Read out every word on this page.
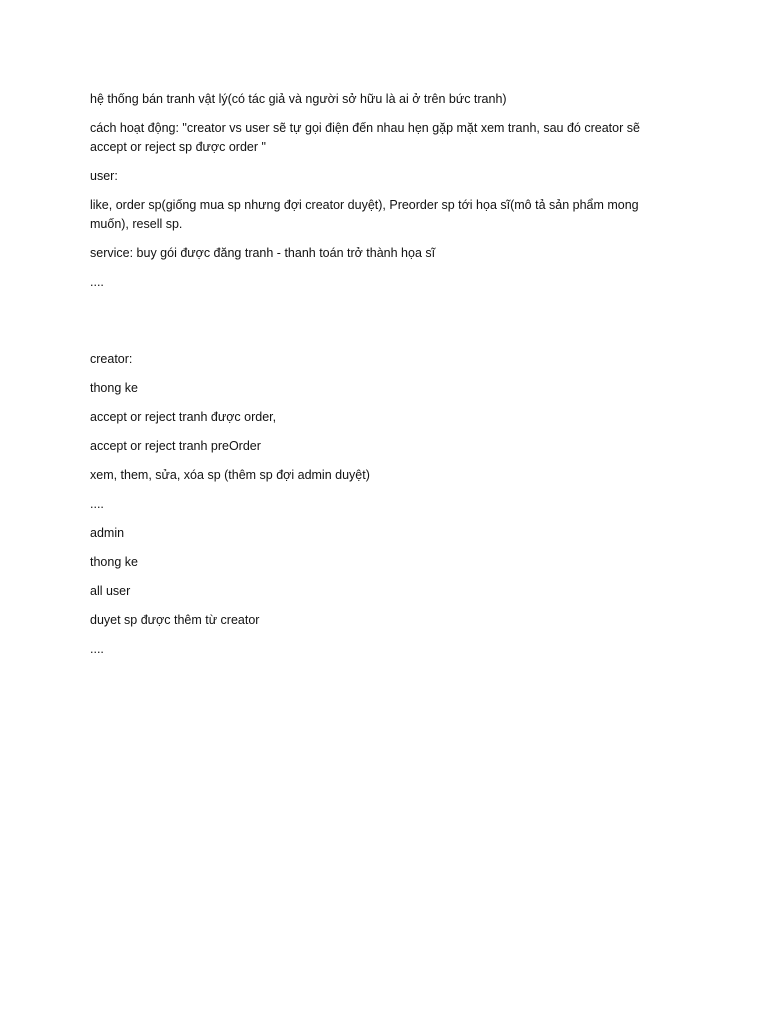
hệ thống bán tranh vật lý(có tác giả và người sở hữu là ai ở trên bức tranh)

cách hoạt động: "creator vs user sẽ tự gọi điện đến nhau hẹn gặp mặt xem tranh, sau đó creator sẽ accept or reject sp được order "

user:

like, order sp(giống mua sp nhưng đợi creator duyệt), Preorder sp tới họa sĩ(mô tả sản phẩm mong muốn), resell sp.

service: buy gói được đăng tranh - thanh toán trở thành họa sĩ

....

creator:

thong ke

accept or reject tranh được order,

accept or reject tranh preOrder

xem, them, sửa, xóa sp (thêm sp đợi admin duyệt)

....

admin

thong ke

all user

duyet sp được thêm từ creator

....
